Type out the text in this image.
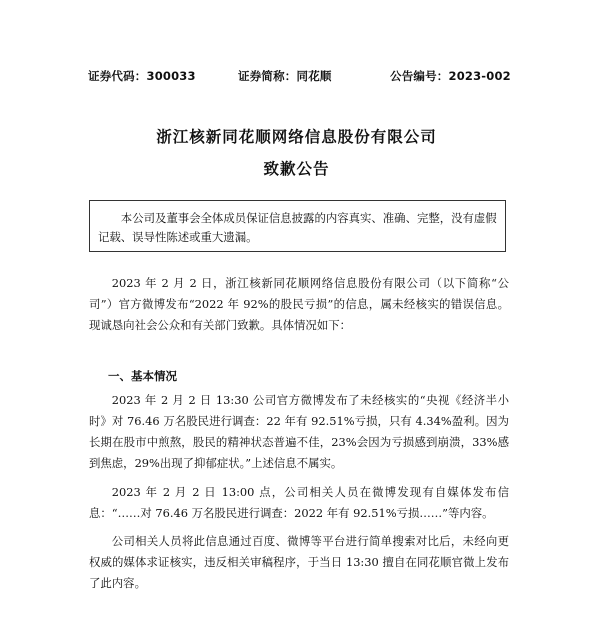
证券代码：300033	证券简称：同花顺	公告编号：2023-002
浙江核新同花顺网络信息股份有限公司
致歉公告

本公司及董事会全体成员保证信息披露的内容真实、准确、完整，没有虚假记载、误导性陈述或重大遗漏。

2023 年 2 月 2 日，浙江核新同花顺网络信息股份有限公司（以下简称“公司”）官方微博发布“2022 年 92%的股民亏损”的信息，属未经核实的错误信息。现诚恳向社会公众和有关部门致歉。具体情况如下：

一、基本情况

2023 年 2 月 2 日 13:30 公司官方微博发布了未经核实的“央视《经济半小时》对 76.46 万名股民进行调查：22 年有 92.51%亏损，只有 4.34%盈利。因为长期在股市中煎熬，股民的精神状态普遍不佳，23%会因为亏损感到崩溃，33%感到焦虑，29%出现了抑郁症状。”上述信息不属实。

2023 年 2 月 2 日 13:00 点，公司相关人员在微博发现有自媒体发布信息：“……对 76.46 万名股民进行调查：2022 年有 92.51%亏损……”等内容。

公司相关人员将此信息通过百度、微博等平台进行简单搜索对比后，未经向更权威的媒体求证核实，违反相关审稿程序，于当日 13:30 擅自在同花顺官微上发布了此内容。
